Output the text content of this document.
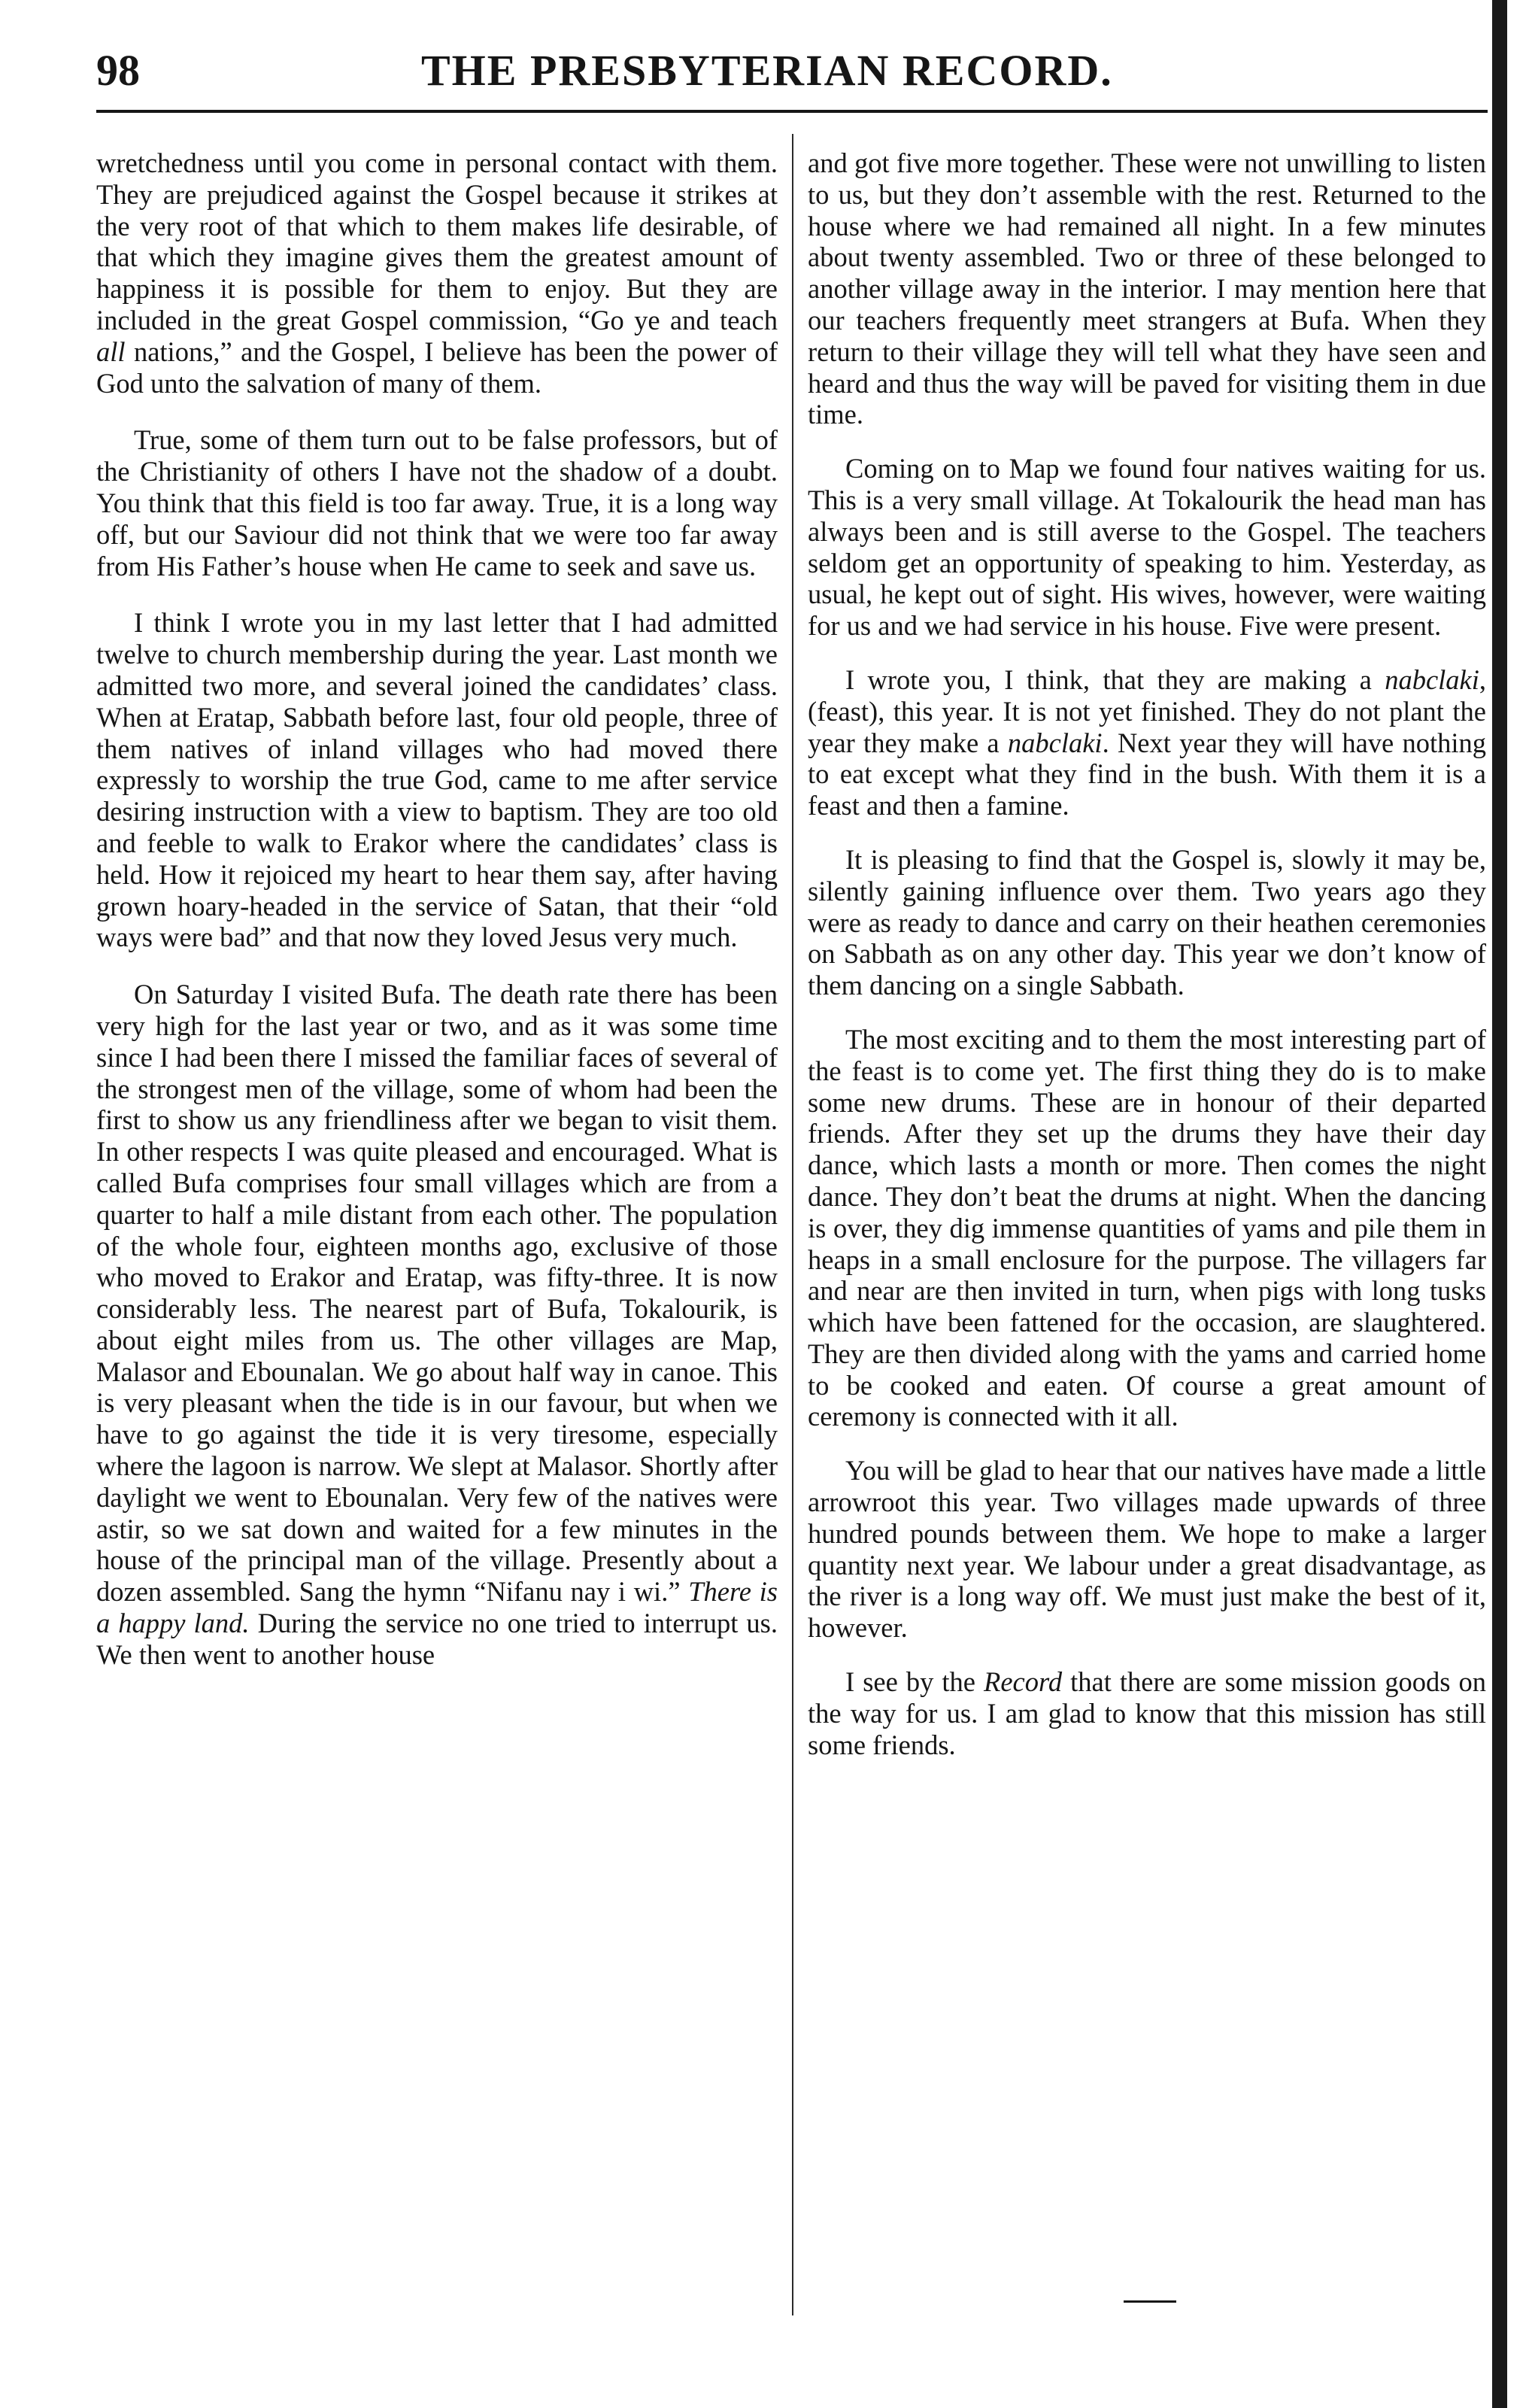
98	THE PRESBYTERIAN RECORD.

wretchedness until you come in personal contact with them. They are prejudiced against the Gospel because it strikes at the very root of that which to them makes life desirable, of that which they imagine gives them the greatest amount of happiness it is possible for them to enjoy. But they are included in the great Gospel commission, “Go ye and teach all nations,” and the Gospel, I believe has been the power of God unto the salvation of many of them.

True, some of them turn out to be false professors, but of the Christianity of others I have not the shadow of a doubt. You think that this field is too far away. True, it is a long way off, but our Saviour did not think that we were too far away from His Father’s house when He came to seek and save us.

I think I wrote you in my last letter that I had admitted twelve to church membership during the year. Last month we admitted two more, and several joined the candidates’ class. When at Eratap, Sabbath before last, four old people, three of them natives of inland villages who had moved there expressly to worship the true God, came to me after service desiring instruction with a view to baptism. They are too old and feeble to walk to Erakor where the candidates’ class is held. How it rejoiced my heart to hear them say, after having grown hoary-headed in the service of Satan, that their “old ways were bad” and that now they loved Jesus very much.

On Saturday I visited Bufa. The death rate there has been very high for the last year or two, and as it was some time since I had been there I missed the familiar faces of several of the strongest men of the village, some of whom had been the first to show us any friendliness after we began to visit them. In other respects I was quite pleased and encouraged. What is called Bufa comprises four small villages which are from a quarter to half a mile distant from each other. The population of the whole four, eighteen months ago, exclusive of those who moved to Erakor and Eratap, was fifty-three. It is now considerably less. The nearest part of Bufa, Tokalourik, is about eight miles from us. The other villages are Map, Malasor and Ebounalan. We go about half way in canoe. This is very pleasant when the tide is in our favour, but when we have to go against the tide it is very tiresome, especially where the lagoon is narrow. We slept at Malasor. Shortly after daylight we went to Ebounalan. Very few of the natives were astir, so we sat down and waited for a few minutes in the house of the principal man of the village. Presently about a dozen assembled. Sang the hymn “Nifanu nay i wi.” There is a happy land. During the service no one tried to interrupt us. We then went to another house

and got five more together. These were not unwilling to listen to us, but they don’t assemble with the rest. Returned to the house where we had remained all night. In a few minutes about twenty assembled. Two or three of these belonged to another village away in the interior. I may mention here that our teachers frequently meet strangers at Bufa. When they return to their village they will tell what they have seen and heard and thus the way will be paved for visiting them in due time.

Coming on to Map we found four natives waiting for us. This is a very small village. At Tokalourik the head man has always been and is still averse to the Gospel. The teachers seldom get an opportunity of speaking to him. Yesterday, as usual, he kept out of sight. His wives, however, were waiting for us and we had service in his house. Five were present.

I wrote you, I think, that they are making a nabclaki, (feast), this year. It is not yet finished. They do not plant the year they make a nabclaki. Next year they will have nothing to eat except what they find in the bush. With them it is a feast and then a famine.

It is pleasing to find that the Gospel is, slowly it may be, silently gaining influence over them. Two years ago they were as ready to dance and carry on their heathen ceremonies on Sabbath as on any other day. This year we don’t know of them dancing on a single Sabbath.

The most exciting and to them the most interesting part of the feast is to come yet. The first thing they do is to make some new drums. These are in honour of their departed friends. After they set up the drums they have their day dance, which lasts a month or more. Then comes the night dance. They don’t beat the drums at night. When the dancing is over, they dig immense quantities of yams and pile them in heaps in a small enclosure for the purpose. The villagers far and near are then invited in turn, when pigs with long tusks which have been fattened for the occasion, are slaughtered. They are then divided along with the yams and carried home to be cooked and eaten. Of course a great amount of ceremony is connected with it all.

You will be glad to hear that our natives have made a little arrowroot this year. Two villages made upwards of three hundred pounds between them. We hope to make a larger quantity next year. We labour under a great disadvantage, as the river is a long way off. We must just make the best of it, however.

I see by the Record that there are some mission goods on the way for us. I am glad to know that this mission has still some friends.
